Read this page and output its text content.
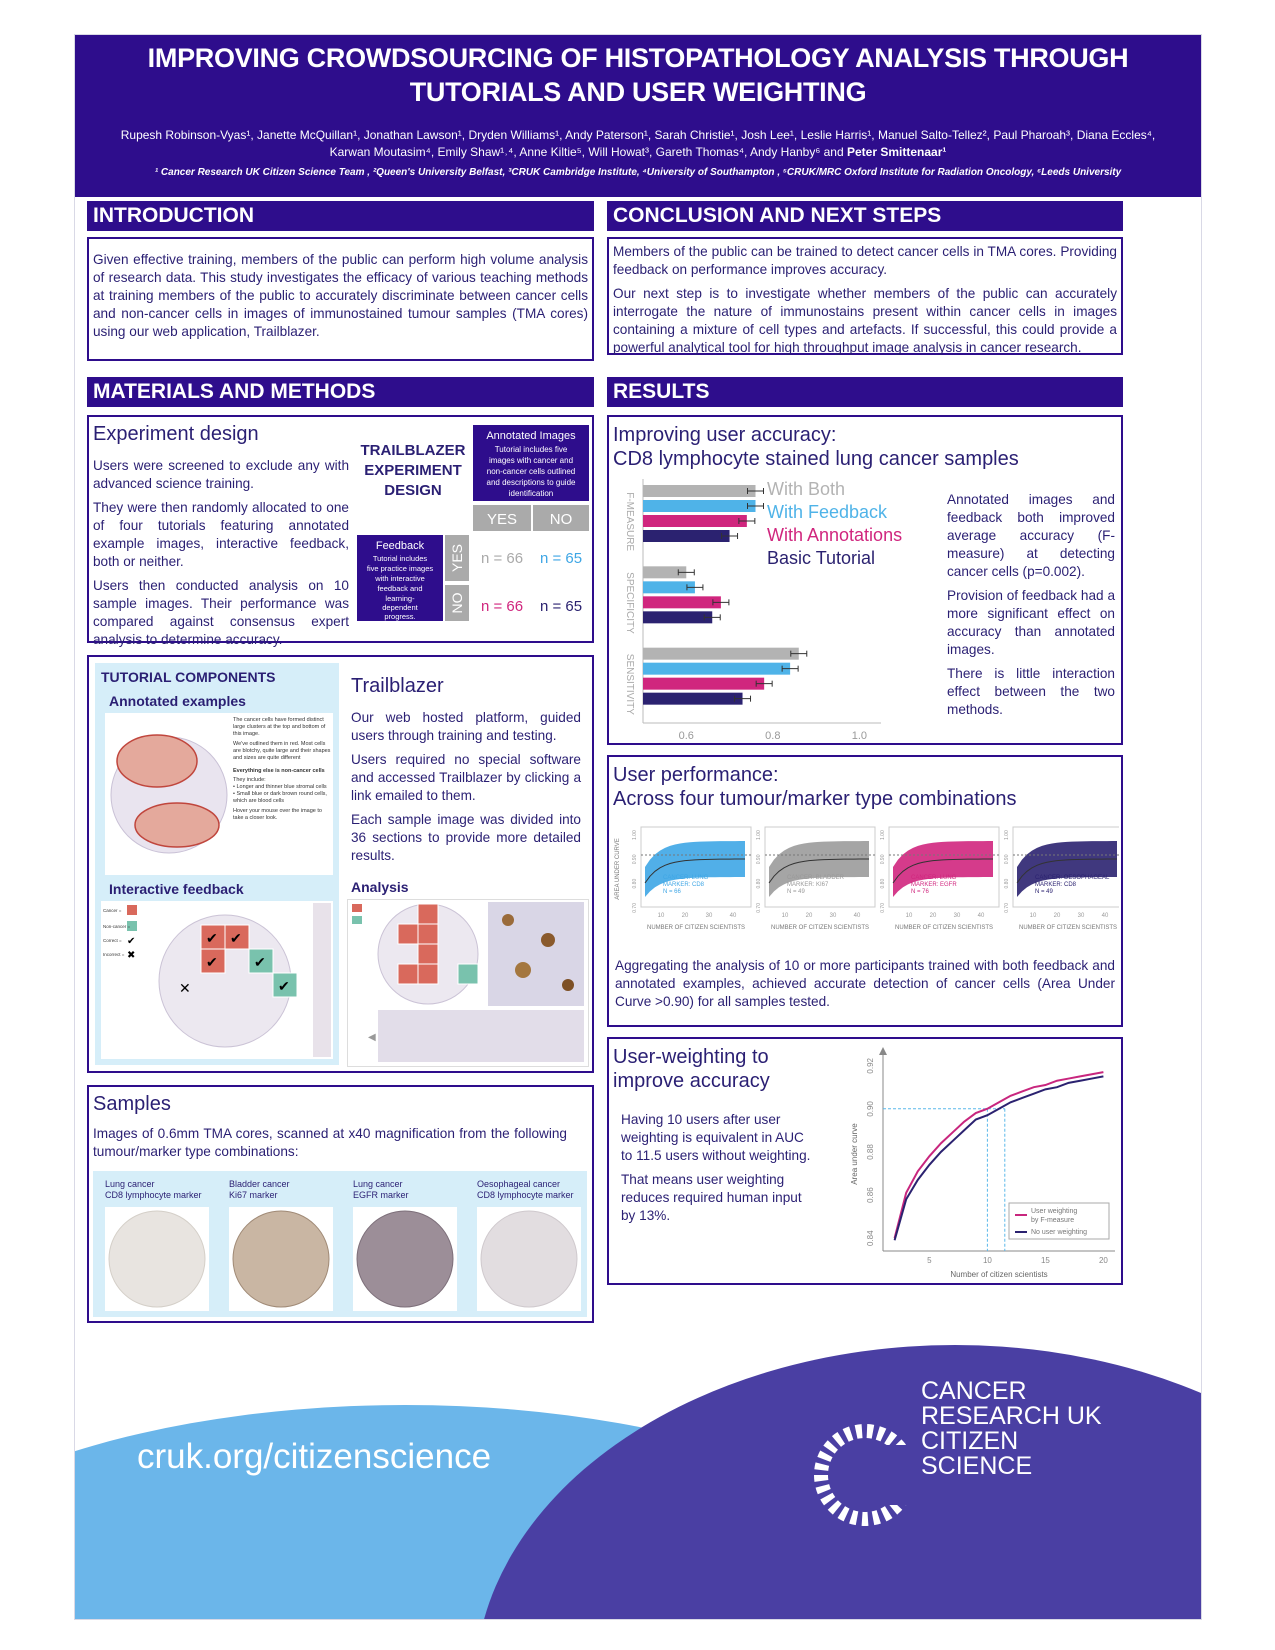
IMPROVING CROWDSOURCING OF HISTOPATHOLOGY ANALYSIS THROUGH
TUTORIALS AND USER WEIGHTING
Rupesh Robinson-Vyas¹, Janette McQuillan¹, Jonathan Lawson¹, Dryden Williams¹, Andy Paterson¹, Sarah Christie¹, Josh Lee¹, Leslie Harris¹, Manuel Salto-Tellez², Paul Pharoah³, Diana Eccles⁴, Karwan Moutasim⁴, Emily Shaw¹˒⁴, Anne Kiltie⁵, Will Howat³, Gareth Thomas⁴, Andy Hanby⁶ and Peter Smittenaar¹
¹ Cancer Research UK Citizen Science Team , ²Queen's University Belfast, ³CRUK Cambridge Institute, ⁴University of Southampton , ⁵CRUK/MRC Oxford Institute for Radiation Oncology, ⁶Leeds University
INTRODUCTION

Given effective training, members of the public can perform high volume analysis of research data. This study investigates the efficacy of various teaching methods at training members of the public to accurately discriminate between cancer cells and non-cancer cells in images of immunostained tumour samples (TMA cores) using our web application, Trailblazer.

CONCLUSION AND NEXT STEPS

Members of the public can be trained to detect cancer cells in TMA cores. Providing feedback on performance improves accuracy.

Our next step is to investigate whether members of the public can accurately interrogate the nature of immunostains present within cancer cells in images containing a mixture of cell types and artefacts. If successful, this could provide a powerful analytical tool for high throughput image analysis in cancer research.

MATERIALS AND METHODS
Experiment design

Users were screened to exclude any with advanced science training.

They were then randomly allocated to one of four tutorials featuring annotated example images, interactive feedback, both or neither.

Users then conducted analysis on 10 sample images. Their performance was compared against consensus expert analysis to determine accuracy.

TRAILBLAZER
EXPERIMENT
DESIGN
Annotated Images
Tutorial includes five
images with cancer and
non-cancer cells outlined
and descriptions to guide
identification
YES NO
Feedback
Tutorial includes
five practice images
with interactive
feedback and
learning-
dependent
progress.
YES
NO
n = 66 n = 65
n = 66 n = 65
TUTORIAL COMPONENTS
Annotated examples
The cancer cells have formed distinct large clusters at the top and bottom of this image.
We've outlined them in red. Most cells are blotchy, quite large and their shapes and sizes are quite different
Everything else is non-cancer cells
They include:
• Longer and thinner blue stromal cells
• Small blue or dark brown round cells, which are blood cells
Hover your mouse over the image to take a closer look.
Interactive feedback
Cancer =
Non-cancer =
Correct = ✔
Incorrect = ✖
✔ ✔
✔	✔
✔
✕
Trailblazer

Our web hosted platform, guided users through training and testing.

Users required no special software and accessed Trailblazer by clicking a link emailed to them.

Each sample image was divided into 36 sections to provide more detailed results.

Analysis
◀
Samples

Images of 0.6mm TMA cores, scanned at x40 magnification from the following tumour/marker type combinations:

Lung cancer
CD8 lymphocyte marker
Bladder cancer
Ki67 marker
Lung cancer
EGFR marker
Oesophageal cancer
CD8 lymphocyte marker
RESULTS
Improving user accuracy:
CD8 lymphocyte stained lung cancer samples
F-MEASURE
SPECIFICITY
SENSITIVITY
0.6	0.8	1.0
With Both
With Feedback
With Annotations
Basic Tutorial

Annotated images and feedback both improved average accuracy (F-measure) at detecting cancer cells (p=0.002).

Provision of feedback had a more significant effect on accuracy than annotated images.

There is little interaction effect between the two methods.

User performance:
Across four tumour/marker type combinations
AREA UNDER CURVE
0.70
0.80
0.90
1.00
CANCER: LUNG
MARKER: CD8
N = 66
10	20	30	40
NUMBER OF CITIZEN SCIENTISTS
0.70
0.80
0.90
1.00
CANCER: BLADDER
MARKER: KI67
N = 49
10	20	30	40
NUMBER OF CITIZEN SCIENTISTS
0.70
0.80
0.90
1.00
CANCER: LUNG
MARKER: EGFR
N = 76
10	20	30	40
NUMBER OF CITIZEN SCIENTISTS
0.70
0.80
0.90
1.00
CANCER: OESOPHAGEAL
MARKER: CD8
N = 49
10	20	30	40
NUMBER OF CITIZEN SCIENTISTS

Aggregating the analysis of 10 or more participants trained with both feedback and annotated examples, achieved accurate detection of cancer cells (Area Under Curve >0.90) for all samples tested.

User-weighting to
improve accuracy

Having 10 users after user weighting is equivalent in AUC to 11.5 users without weighting.

That means user weighting reduces required human input by 13%.

0.84
0.86
0.88
0.90
0.92
5	10	15	20
Number of citizen scientists
Area under curve
User weighting
by F-measure
No user weighting
cruk.org/citizenscience
CANCER
RESEARCH UK
CITIZEN
SCIENCE
